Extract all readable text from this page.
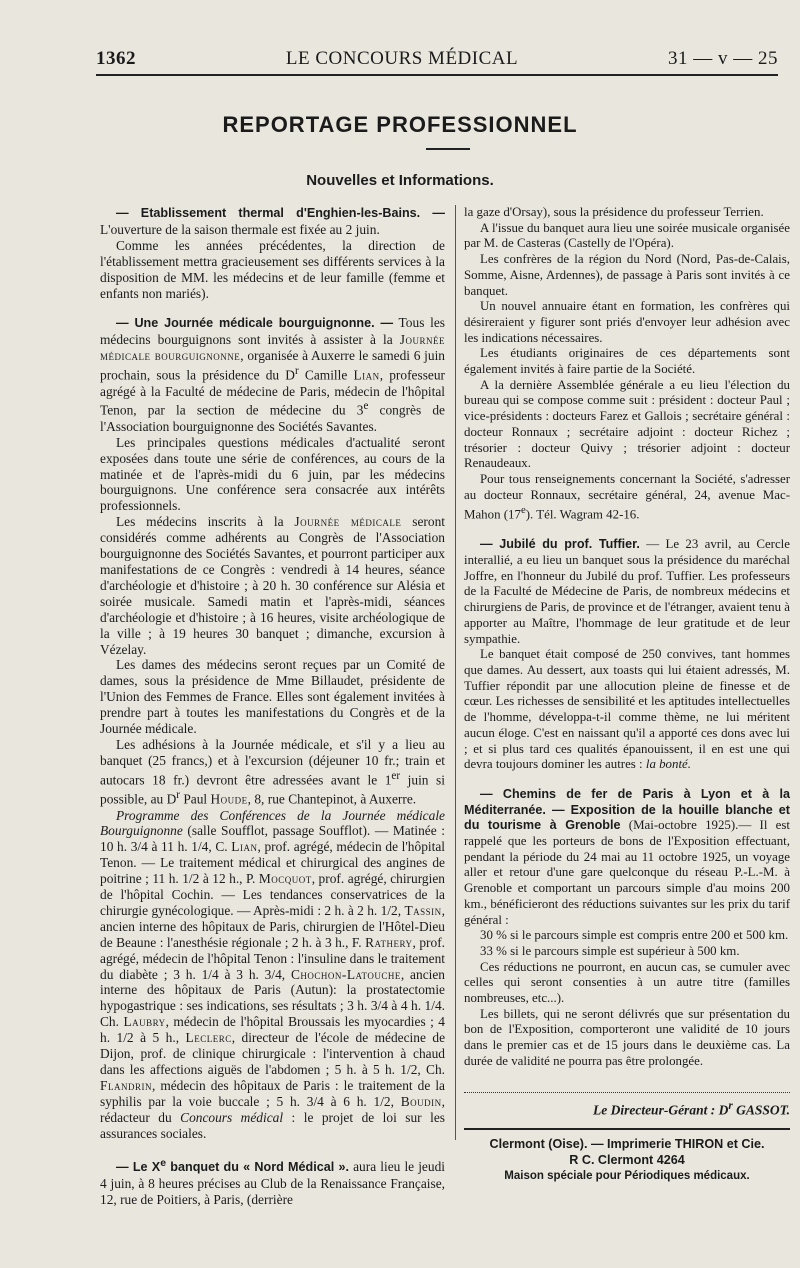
1362	LE CONCOURS MÉDICAL	31 — v — 25
REPORTAGE PROFESSIONNEL
Nouvelles et Informations.

— Etablissement thermal d'Enghien-les-Bains. — L'ouverture de la saison thermale est fixée au 2 juin.

Comme les années précédentes, la direction de l'établissement mettra gracieusement ses différents services à la disposition de MM. les médecins et de leur famille (femme et enfants non mariés).

— Une Journée médicale bourguignonne. — Tous les médecins bourguignons sont invités à assister à la Journée médicale bourguignonne, organisée à Auxerre le samedi 6 juin prochain, sous la présidence du $D^r$ Camille Lian, professeur agrégé à la Faculté de médecine de Paris, médecin de l'hôpital Tenon, par la section de médecine du 3e congrès de l'Association bourguignonne des Sociétés Savantes.

Les principales questions médicales d'actualité seront exposées dans toute une série de conférences, au cours de la matinée et de l'après-midi du 6 juin, par les médecins bourguignons. Une conférence sera consacrée aux intérêts professionnels.

Les médecins inscrits à la Journée médicale seront considérés comme adhérents au Congrès de l'Association bourguignonne des Sociétés Savantes, et pourront participer aux manifestations de ce Congrès : vendredi à 14 heures, séance d'archéologie et d'histoire ; à 20 h. 30 conférence sur Alésia et soirée musicale. Samedi matin et l'après-midi, séances d'archéologie et d'histoire ; à 16 heures, visite archéologique de la ville ; à 19 heures 30 banquet ; dimanche, excursion à Vézelay.

Les dames des médecins seront reçues par un Comité de dames, sous la présidence de Mme Billaudet, présidente de l'Union des Femmes de France. Elles sont également invitées à prendre part à toutes les manifestations du Congrès et de la Journée médicale.

Les adhésions à la Journée médicale, et s'il y a lieu au banquet (25 francs,) et à l'excursion (déjeuner 10 fr.; train et autocars 18 fr.) devront être adressées avant le 1er juin si possible, au $D^r$ Paul Houde, 8, rue Chantepinot, à Auxerre.

Programme des Conférences de la Journée médicale Bourguignonne (salle Soufflot, passage Soufflot). — Matinée : 10 h. 3/4 à 11 h. 1/4, C. Lian, prof. agrégé, médecin de l'hôpital Tenon. — Le traitement médical et chirurgical des angines de poitrine ; 11 h. 1/2 à 12 h., P. Mocquot, prof. agrégé, chirurgien de l'hôpital Cochin. — Les tendances conservatrices de la chirurgie gynécologique. — Après-midi : 2 h. à 2 h. 1/2, Tassin, ancien interne des hôpitaux de Paris, chirurgien de l'Hôtel-Dieu de Beaune : l'anesthésie régionale ; 2 h. à 3 h., F. Rathery, prof. agrégé, médecin de l'hôpital Tenon : l'insuline dans le traitement du diabète ; 3 h. 1/4 à 3 h. 3/4, Chochon-Latouche, ancien interne des hôpitaux de Paris (Autun): la prostatectomie hypogastrique : ses indications, ses résultats ; 3 h. 3/4 à 4 h. 1/4. Ch. Laubry, médecin de l'hôpital Broussais les myocardies ; 4 h. 1/2 à 5 h., Leclerc, directeur de l'école de médecine de Dijon, prof. de clinique chirurgicale : l'intervention à chaud dans les affections aiguës de l'abdomen ; 5 h. à 5 h. 1/2, Ch. Flandrin, médecin des hôpitaux de Paris : le traitement de la syphilis par la voie buccale ; 5 h. 3/4 à 6 h. 1/2, Boudin, rédacteur du Concours médical : le projet de loi sur les assurances sociales.

— Le Xe banquet du « Nord Médical ». aura lieu le jeudi 4 juin, à 8 heures précises au Club de la Renaissance Française, 12, rue de Poitiers, à Paris, (derrière

la gaze d'Orsay), sous la présidence du professeur Terrien.

A l'issue du banquet aura lieu une soirée musicale organisée par M. de Casteras (Castelly de l'Opéra).

Les confrères de la région du Nord (Nord, Pas-de-Calais, Somme, Aisne, Ardennes), de passage à Paris sont invités à ce banquet.

Un nouvel annuaire étant en formation, les confrères qui désireraient y figurer sont priés d'envoyer leur adhésion avec les indications nécessaires.

Les étudiants originaires de ces départements sont également invités à faire partie de la Société.

A la dernière Assemblée générale a eu lieu l'élection du bureau qui se compose comme suit : président : docteur Paul ; vice-présidents : docteurs Farez et Gallois ; secrétaire général : docteur Ronnaux ; secrétaire adjoint : docteur Richez ; trésorier : docteur Quivy ; trésorier adjoint : docteur Renaudeaux.

Pour tous renseignements concernant la Société, s'adresser au docteur Ronnaux, secrétaire général, 24, avenue Mac-Mahon (17e). Tél. Wagram 42-16.

— Jubilé du prof. Tuffier. — Le 23 avril, au Cercle interallié, a eu lieu un banquet sous la présidence du maréchal Joffre, en l'honneur du Jubilé du prof. Tuffier. Les professeurs de la Faculté de Médecine de Paris, de nombreux médecins et chirurgiens de Paris, de province et de l'étranger, avaient tenu à apporter au Maître, l'hommage de leur gratitude et de leur sympathie.

Le banquet était composé de 250 convives, tant hommes que dames. Au dessert, aux toasts qui lui étaient adressés, M. Tuffier répondit par une allocution pleine de finesse et de cœur. Les richesses de sensibilité et les aptitudes intellectuelles de l'homme, développa-t-il comme thème, ne lui méritent aucun éloge. C'est en naissant qu'il a apporté ces dons avec lui ; et si plus tard ces qualités épanouissent, il en est une qui devra toujours dominer les autres : la bonté.

— Chemins de fer de Paris à Lyon et à la Méditerranée. — Exposition de la houille blanche et du tourisme à Grenoble (Mai-octobre 1925).— Il est rappelé que les porteurs de bons de l'Exposition effectuant, pendant la période du 24 mai au 11 octobre 1925, un voyage aller et retour d'une gare quelconque du réseau P.-L.-M. à Grenoble et comportant un parcours simple d'au moins 200 km., bénéficieront des réductions suivantes sur les prix du tarif général :

30 % si le parcours simple est compris entre 200 et 500 km.

33 % si le parcours simple est supérieur à 500 km.

Ces réductions ne pourront, en aucun cas, se cumuler avec celles qui seront consenties à un autre titre (familles nombreuses, etc...).

Les billets, qui ne seront délivrés que sur présentation du bon de l'Exposition, comporteront une validité de 10 jours dans le premier cas et de 15 jours dans le deuxième cas. La durée de validité ne pourra pas être prolongée.

Le Directeur-Gérant : $D^r$ GASSOT.
Clermont (Oise). — Imprimerie THIRON et Cie.
R C. Clermont 4264
Maison spéciale pour Périodiques médicaux.
